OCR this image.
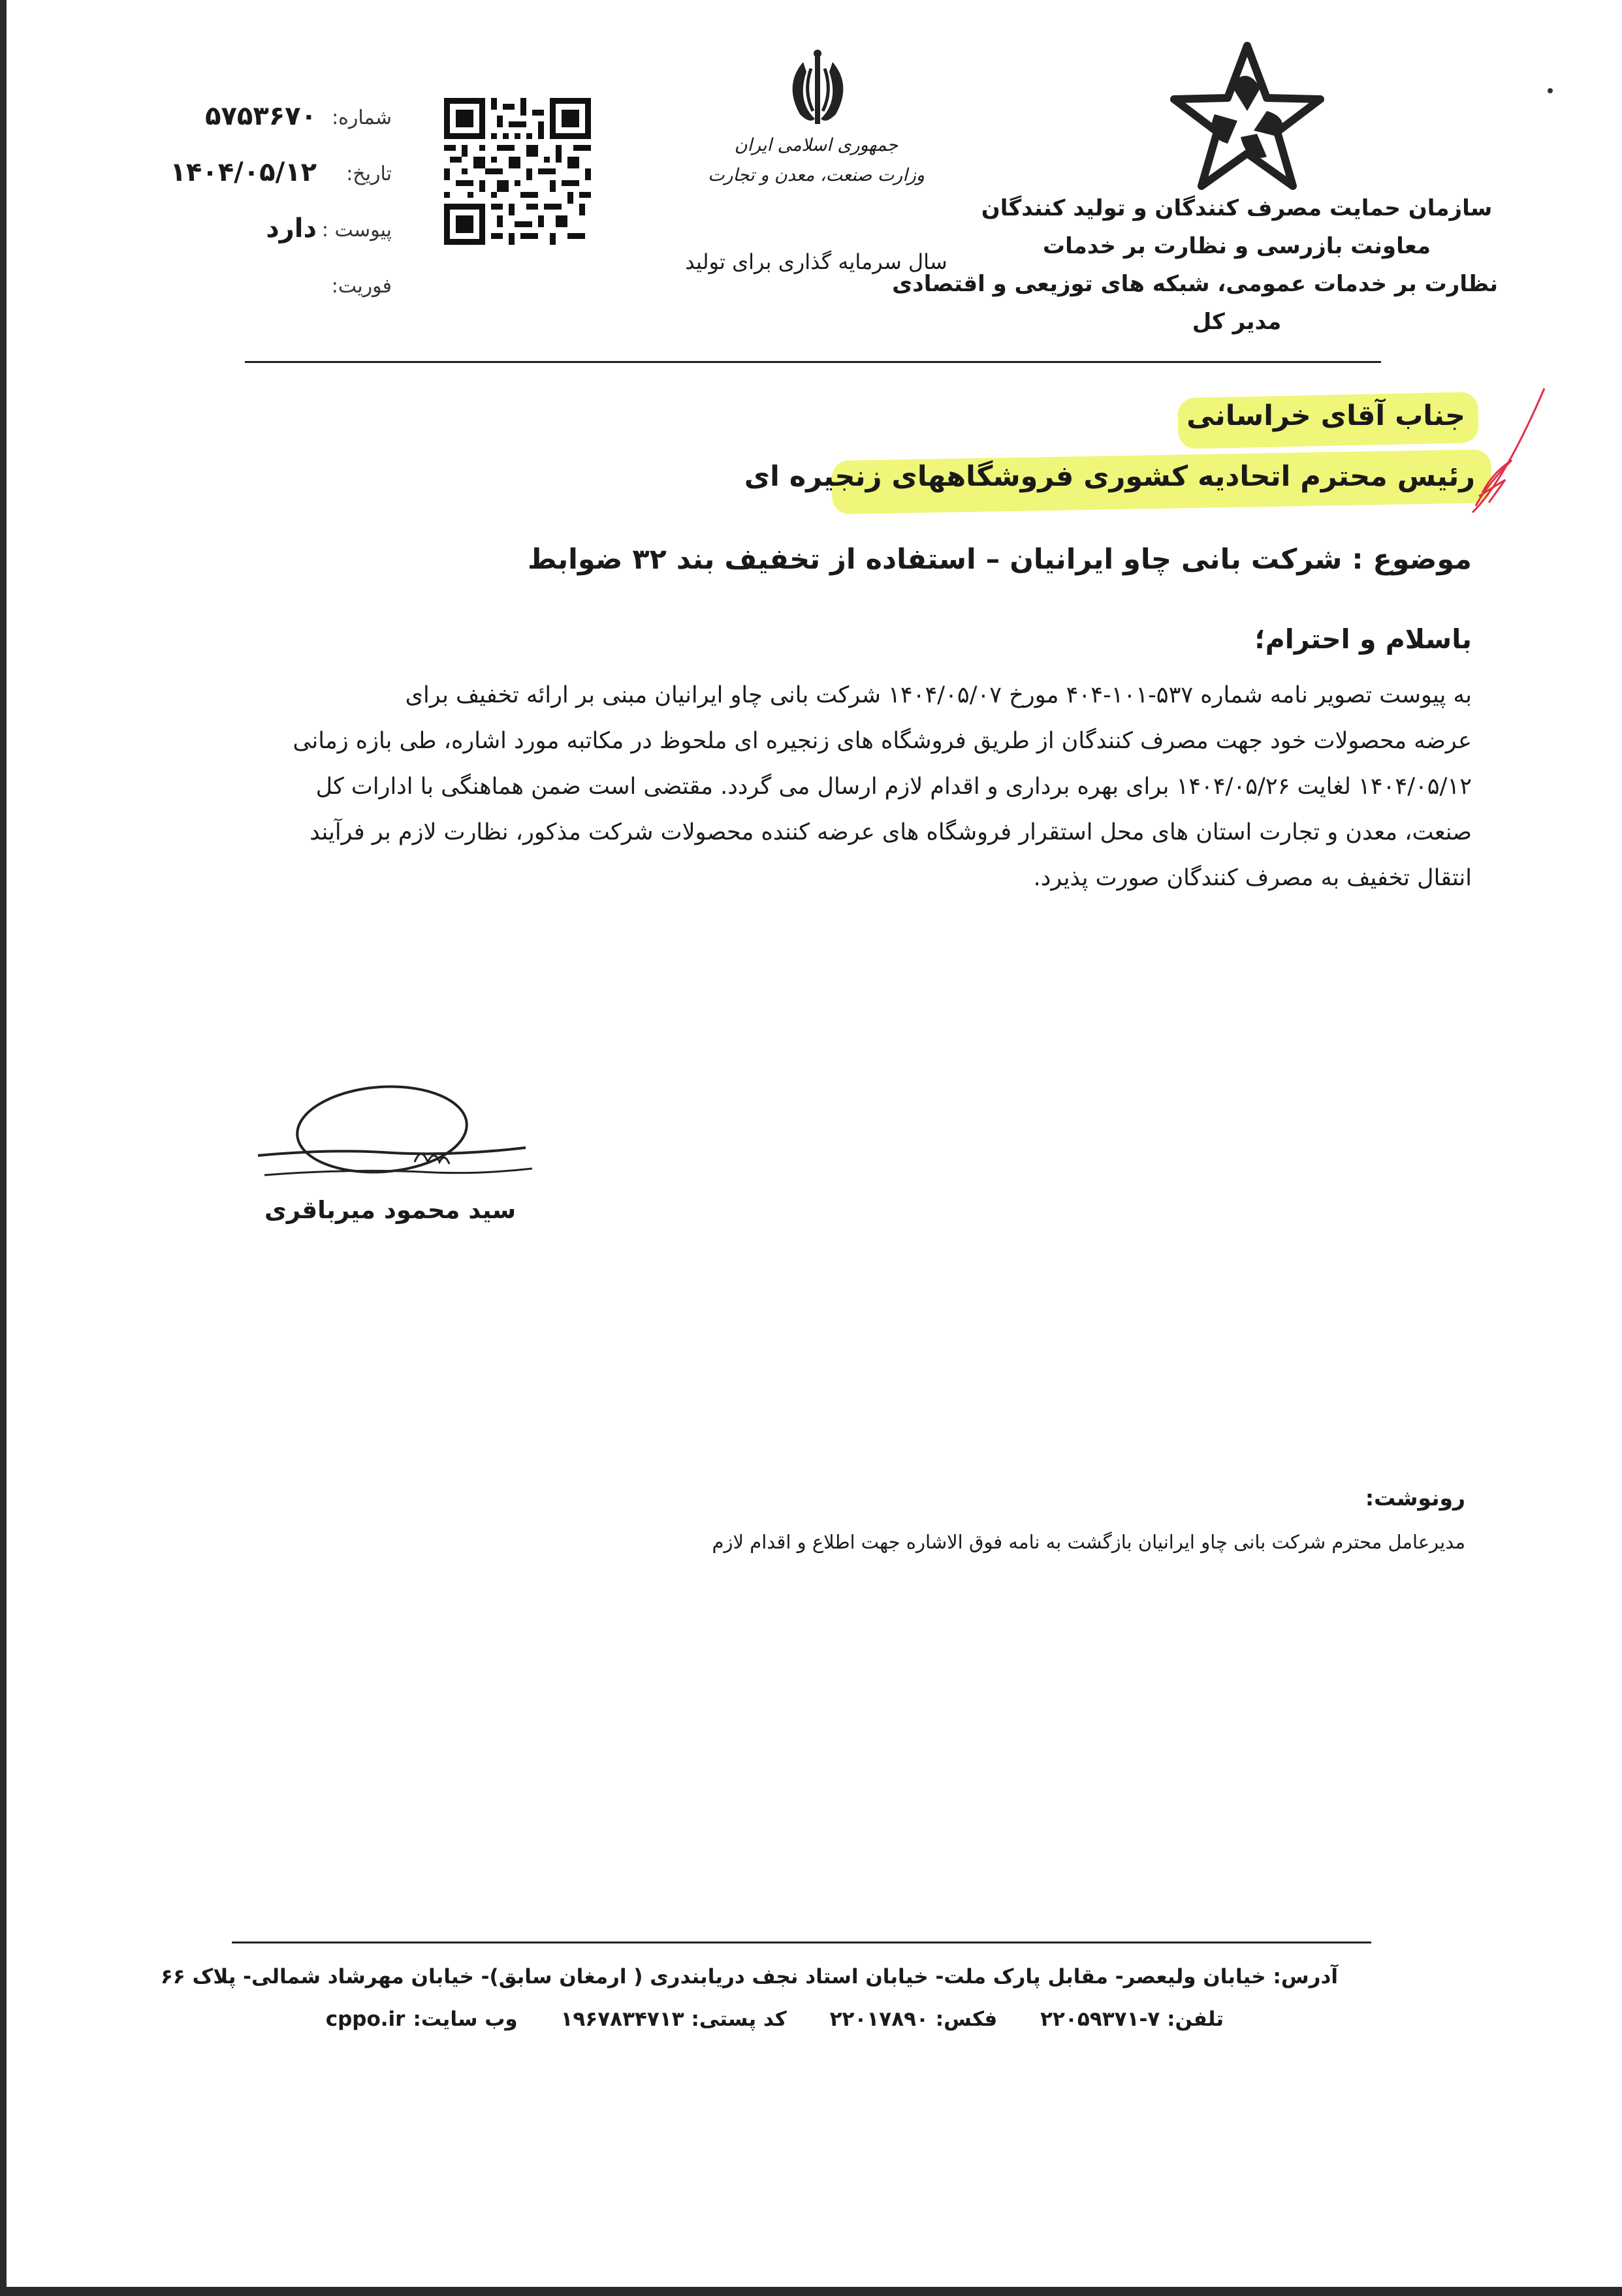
جمهوری اسلامی ایران
وزارت صنعت، معدن و تجارت
سال سرمایه گذاری برای تولید
شماره:
۵۷۵۳۶۷۰
تاریخ:
۱۴۰۴/۰۵/۱۲
پیوست :
دارد
فوریت:
سازمان حمایت مصرف کنندگان و تولید کنندگان
معاونت بازرسی و نظارت بر خدمات
نظارت بر خدمات عمومی، شبکه های توزیعی و اقتصادی
مدیر کل
جناب آقای خراسانی
رئیس محترم اتحادیه کشوری فروشگاههای زنجیره ای
موضوع : شرکت بانی چاو ایرانیان – استفاده از تخفیف بند ۳۲ ضوابط
باسلام و احترام؛
به پیوست تصویر نامه شماره ۵۳۷-۱۰۱-۴۰۴ مورخ ۱۴۰۴/۰۵/۰۷ شرکت بانی چاو ایرانیان مبنی بر ارائه تخفیف برای
عرضه محصولات خود جهت مصرف کنندگان از طریق فروشگاه های زنجیره ای ملحوظ در مکاتبه مورد اشاره، طی بازه زمانی
۱۴۰۴/۰۵/۱۲ لغایت ۱۴۰۴/۰۵/۲۶ برای بهره برداری و اقدام لازم ارسال می گردد. مقتضی است ضمن هماهنگی با ادارات کل
صنعت، معدن و تجارت استان های محل استقرار فروشگاه های عرضه کننده محصولات شرکت مذکور، نظارت لازم بر فرآیند
انتقال تخفیف به مصرف کنندگان صورت پذیرد.
سید محمود میرباقری
رونوشت:
مدیرعامل محترم شرکت بانی چاو ایرانیان بازگشت به نامه فوق الاشاره جهت اطلاع و اقدام لازم
آدرس: خیابان ولیعصر- مقابل پارک ملت- خیابان استاد نجف دریابندری ( ارمغان سابق)- خیابان مهرشاد شمالی- پلاک ۶۶
تلفن: ۷-۲۲۰۵۹۳۷۱ فکس: ۲۲۰۱۷۸۹۰ کد پستی: ۱۹۶۷۸۳۴۷۱۳ وب سایت:cppo.ir
